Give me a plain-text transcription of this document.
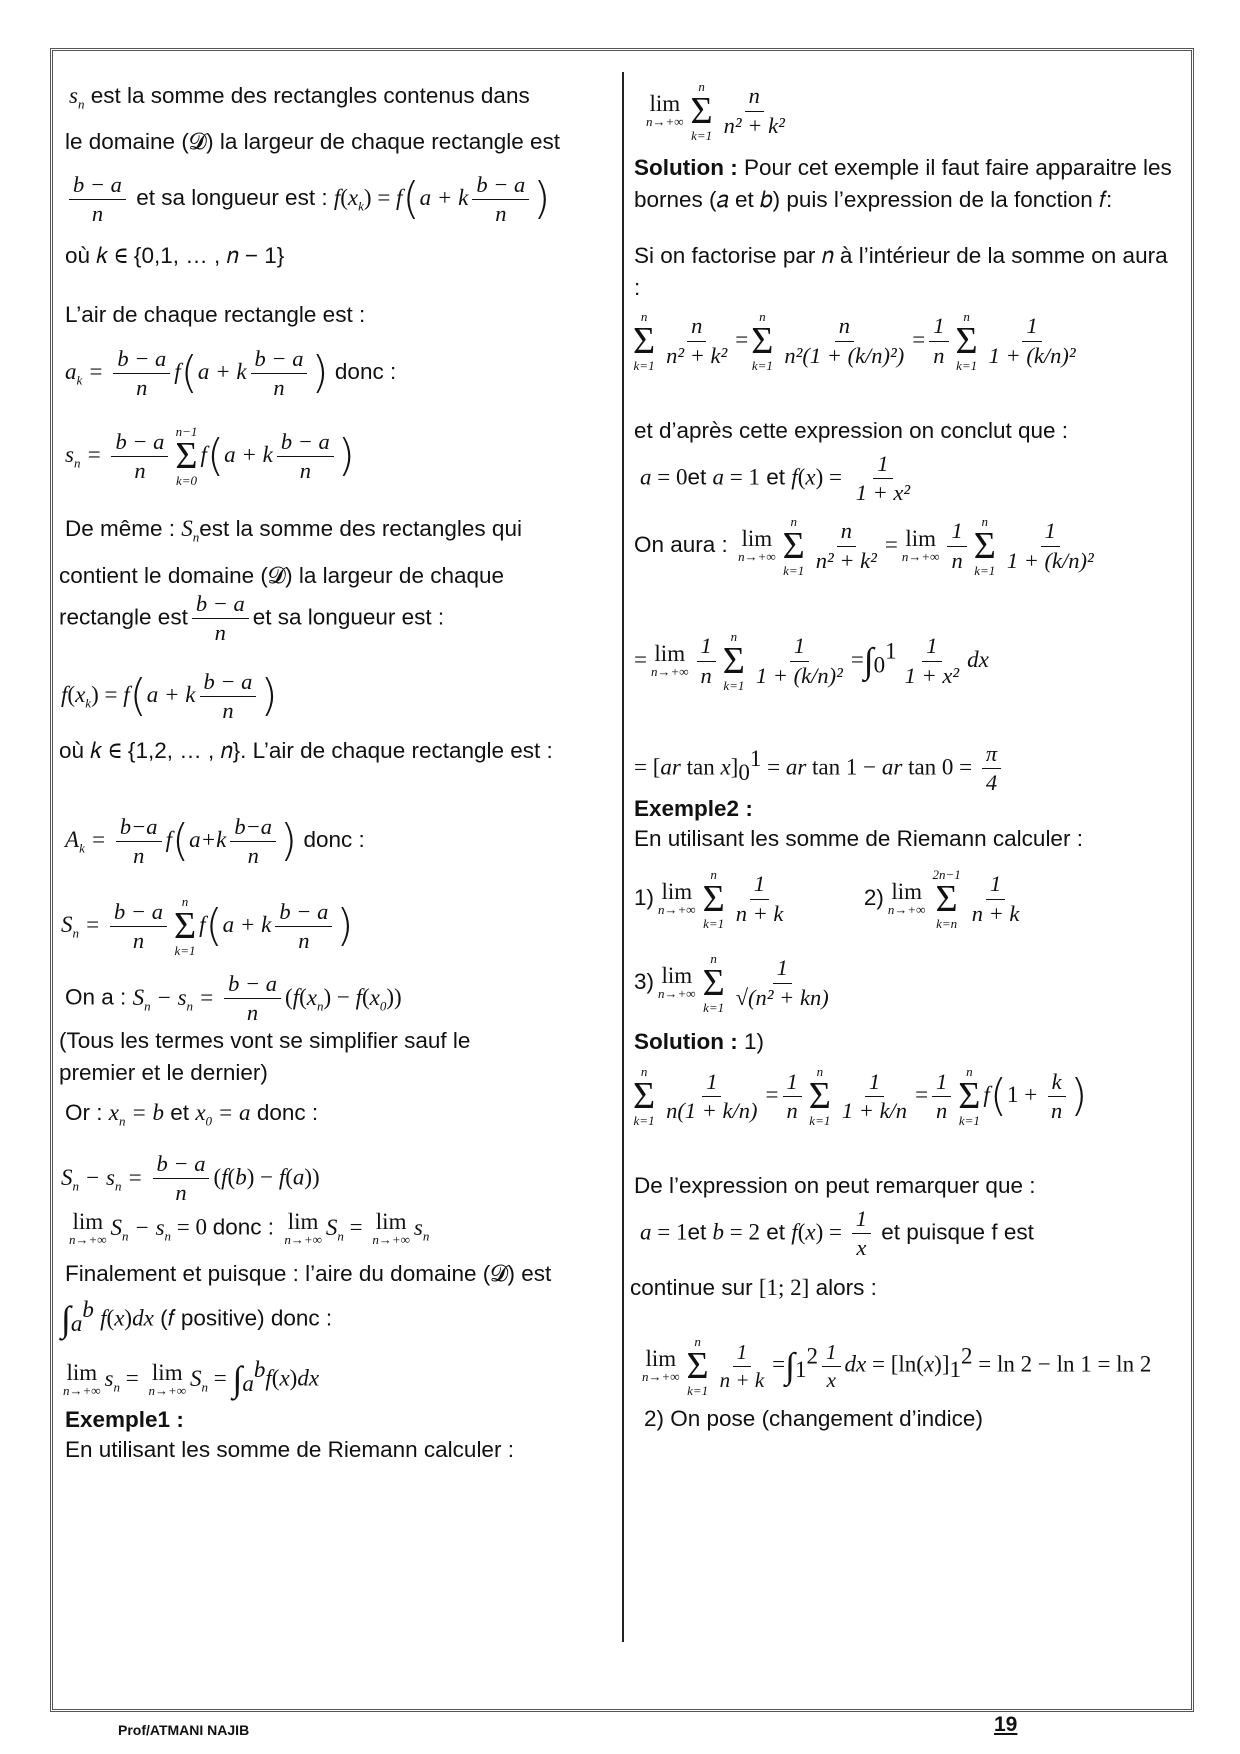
$s_n$ est la somme des rectangles contenus dans

le domaine (𝓓) la largeur de chaque rectangle est

$\frac{b - a}{n}$ et sa longueur est : $f(x_k) = f(a + k \frac{b - a}{n}$ )

où 𝑘 ∈ {0,1, … , 𝑛 − 1}

L’air de chaque rectangle est :

$a_k = \frac{b - a}{n} f(a + k \frac{b - a}{n}$ ) donc :

$s_n = \frac{b - a}{n} n-1$
Σ
k=0
f(a + k $\frac{b - a}{n}$ )

De même : $S_nest$ la somme des rectangles qui

contient le domaine (𝓓) la largeur de chaque

rectangle est $\frac{b - a}{n}$ et sa longueur est :

$f(x_k) = f(a + k \frac{b - a}{n}$ )

où 𝑘 ∈ {1,2, … , 𝑛}. L’air de chaque rectangle est :

$A_k = \frac{b-a}{n} f(a+k \frac{b-a}{n}$ ) donc :

$S_n = \frac{b - a}{n}$ n
Σ
k=1
f(a + k $\frac{b - a}{n}$ )

On a : $S_n - s_n = \frac{b - a}{n} (f(x_n) - f(x_0))$

(Tous les termes vont se simplifier sauf le premier et le dernier)

Or : $x_n = b$ et $x_0 = a$ donc :

$S_n - s_n = \frac{b - a}{n} (f(b) - f(a))$

lim
n→+∞ $S_n - s_n = 0$ donc : lim
n→+∞ $S_n = \lim$
n→+∞ $s_n$

Finalement et puisque : l’aire du domaine (𝓓) est

$\int_a^b$ f(x)dx (𝑓 positive) donc :

lim
n→+∞ $s_n = \lim$
n→+∞ $S_n = \int_a^bf(x)dx$

Exemple1 :

En utilisant les somme de Riemann calculer :

lim
n→+∞
n
Σ
$k=1 \frac{n}{\text{n² + k²}}$

Solution : Pour cet exemple il faut faire apparaitre les bornes (𝑎 et 𝑏) puis l’expression de la fonction 𝑓:

Si on factorise par 𝑛 à l’intérieur de la somme on aura :

n
Σ
$k=1 \frac{n}{\text{n² + k²}}$ =
n
Σ
$k=1 \frac{n}{\text{n²(1 + (k/n)²)}} = \frac{1}{n}$ n
Σ
$k=1 \frac{1}{\text{1 + (k/n)²}}$

et d’après cette expression on conclut que :

a = 0et a = 1 et $f(x) = \frac{1}{\text{1 + x²}}$

On aura : lim
n→+∞
n
Σ
$k=1 \frac{n}{\text{n² + k²}} = \lim$
$n\to+\infty \frac{1}{n}$ n
Σ
$k=1 \frac{1}{\text{1 + (k/n)²}}$

= lim
$n\to+\infty \frac{1}{n}$ n
Σ
$k=1 \frac{1}{\text{1 + (k/n)²}} =\int_0^1 \frac{1}{\text{1 + x²}}$ dx

= [ar $\tan x]_0^1$ = ar tan 1 − ar $\tan 0 = \frac{\pi}{4}$

Exemple2 :

En utilisant les somme de Riemann calculer :

1) lim
n→+∞
n
Σ
$k=1 \frac{1}{n + k}$	2) lim
n→+∞
2n−1
Σ
$k=n \frac{1}{n + k}$

3) lim
n→+∞
n
Σ
$k=1 \frac{1}{\text{√(n² + kn)}}$

Solution : 1)

n
Σ
$k=1 \frac{1}{n(1 + k/n)} = \frac{1}{n}$ n
Σ
$k=1 \frac{1}{1 + k/n} = \frac{1}{n}$ n
Σ
k=1
$f(1 + \frac{k}{n}$ )

De l’expression on peut remarquer que :

a = 1et b = 2 et $f(x) = \frac{1}{x}$ et puisque f est

continue sur [1; 2] alors :

lim
n→+∞
n
Σ
$k=1 \frac{1}{n + k} =\int_1^2 \frac{1}{x}$ dx = $[\ln(x)]_1^2 = \ln 2 - \ln 1 = \ln 2$

2) On pose (changement d’indice)

Prof/ATMANI NAJIB	19
